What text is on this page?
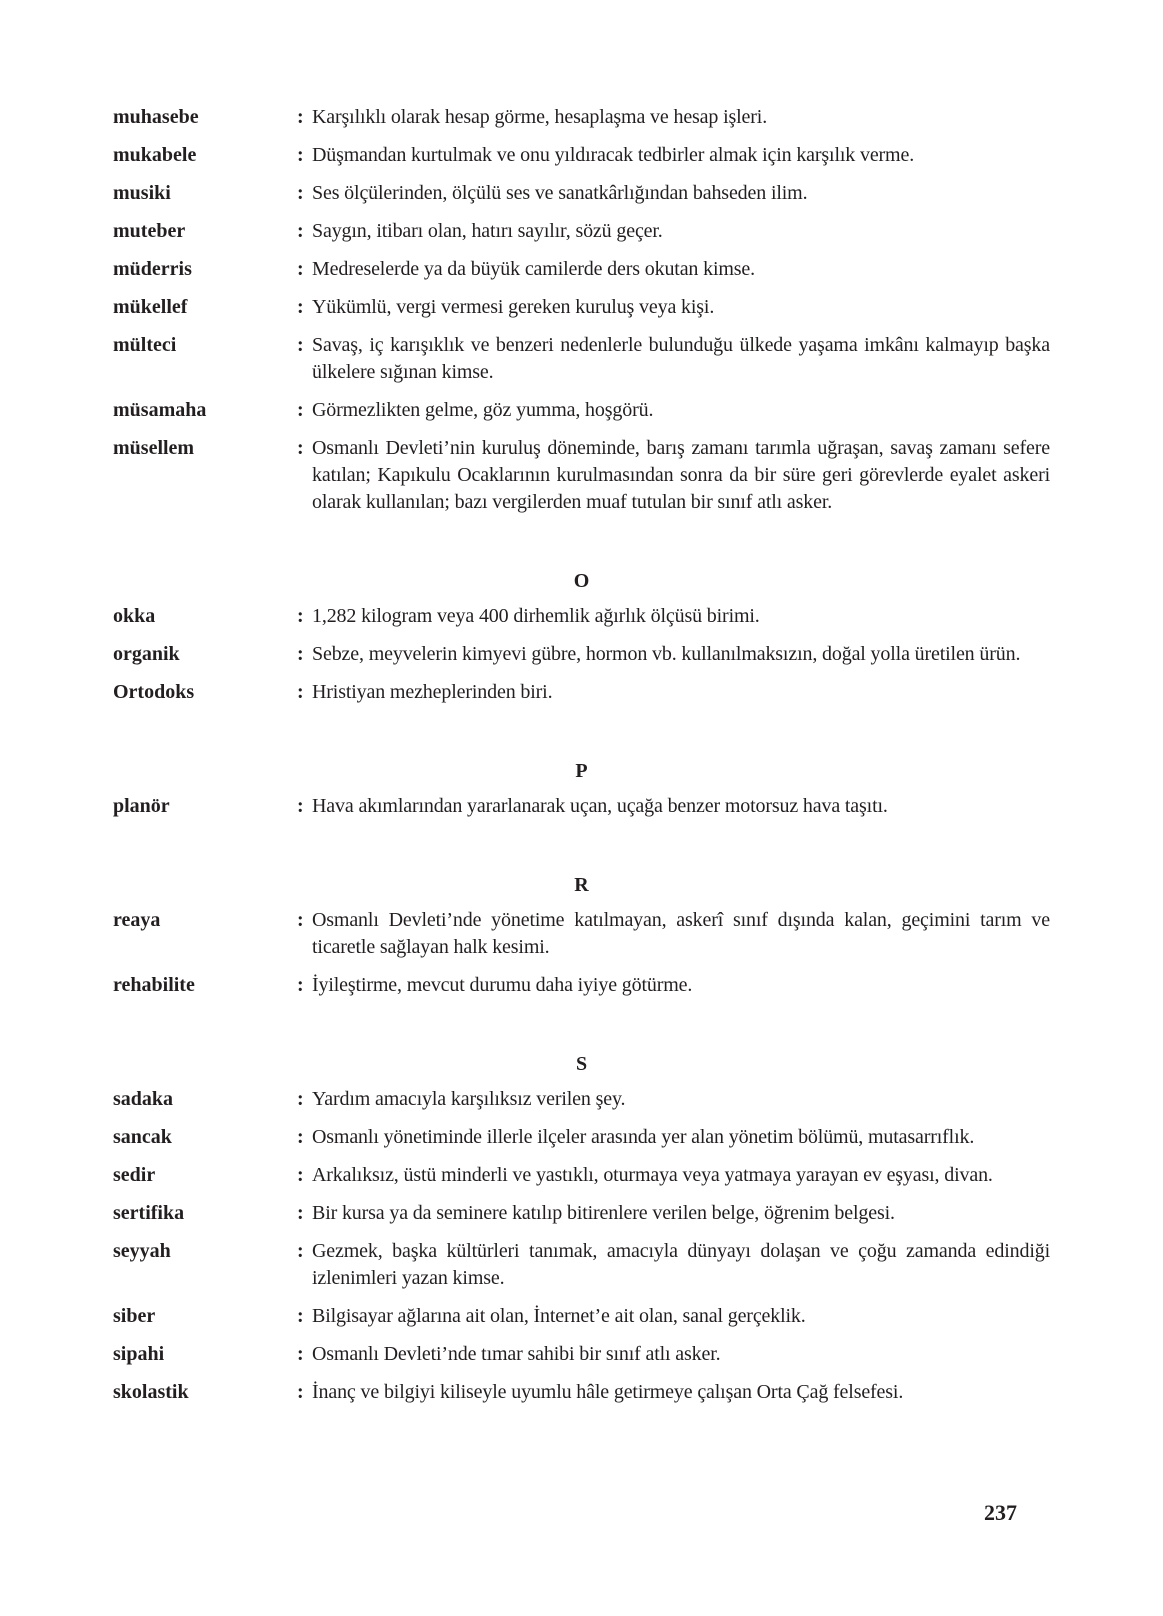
muhasebe	: Karşılıklı olarak hesap görme, hesaplaşma ve hesap işleri.
mukabele	: Düşmandan kurtulmak ve onu yıldıracak tedbirler almak için karşılık verme.
musiki	: Ses ölçülerinden, ölçülü ses ve sanatkârlığından bahseden ilim.
muteber	: Saygın, itibarı olan, hatırı sayılır, sözü geçer.
müderris	: Medreselerde ya da büyük camilerde ders okutan kimse.
mükellef	: Yükümlü, vergi vermesi gereken kuruluş veya kişi.
mülteci	: Savaş, iç karışıklık ve benzeri nedenlerle bulunduğu ülkede yaşama imkânı kalmayıp başka ülkelere sığınan kimse.
müsamaha	: Görmezlikten gelme, göz yumma, hoşgörü.
müsellem	: Osmanlı Devleti’nin kuruluş döneminde, barış zamanı tarımla uğraşan, savaş zamanı sefere katılan; Kapıkulu Ocaklarının kurulmasından sonra da bir süre geri görevlerde eyalet askeri olarak kullanılan; bazı vergilerden muaf tutulan bir sınıf atlı asker.
O
okka	: 1,282 kilogram veya 400 dirhemlik ağırlık ölçüsü birimi.
organik	: Sebze, meyvelerin kimyevi gübre, hormon vb. kullanılmaksızın, doğal yolla üretilen ürün.
Ortodoks	: Hristiyan mezheplerinden biri.
P
planör	: Hava akımlarından yararlanarak uçan, uçağa benzer motorsuz hava taşıtı.
R
reaya	: Osmanlı Devleti’nde yönetime katılmayan, askerî sınıf dışında kalan, geçimini tarım ve ticaretle sağlayan halk kesimi.
rehabilite	: İyileştirme, mevcut durumu daha iyiye götürme.
S
sadaka	: Yardım amacıyla karşılıksız verilen şey.
sancak	: Osmanlı yönetiminde illerle ilçeler arasında yer alan yönetim bölümü, mutasarrıflık.
sedir	: Arkalıksız, üstü minderli ve yastıklı, oturmaya veya yatmaya yarayan ev eşyası, divan.
sertifika	: Bir kursa ya da seminere katılıp bitirenlere verilen belge, öğrenim belgesi.
seyyah	: Gezmek, başka kültürleri tanımak, amacıyla dünyayı dolaşan ve çoğu zamanda edindiği izlenimleri yazan kimse.
siber	: Bilgisayar ağlarına ait olan, İnternet’e ait olan, sanal gerçeklik.
sipahi	: Osmanlı Devleti’nde tımar sahibi bir sınıf atlı asker.
skolastik	: İnanç ve bilgiyi kiliseyle uyumlu hâle getirmeye çalışan Orta Çağ felsefesi.
237
